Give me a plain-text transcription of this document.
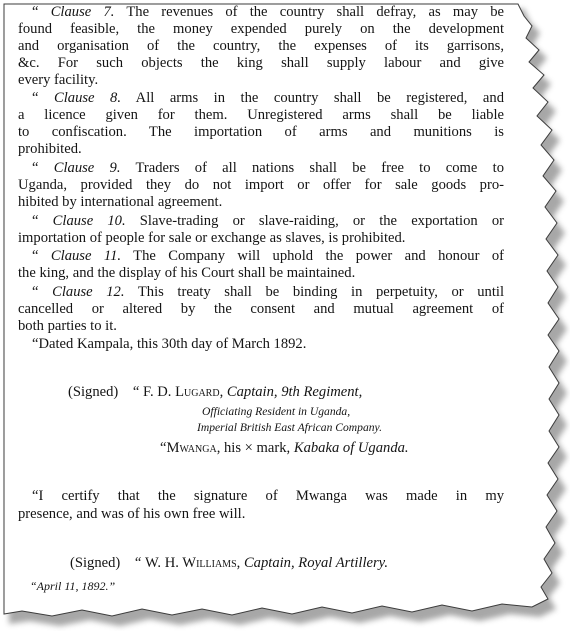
“ Clause 7. The revenues of the country shall defray, as may be

found feasible, the money expended purely on the development

and organisation of the country, the expenses of its garrisons,

&c. For such objects the king shall supply labour and give

every facility.

“ Clause 8. All arms in the country shall be registered, and

a licence given for them. Unregistered arms shall be liable

to confiscation. The importation of arms and munitions is

prohibited.

“ Clause 9. Traders of all nations shall be free to come to

Uganda, provided they do not import or offer for sale goods pro-

hibited by international agreement.

“ Clause 10. Slave-trading or slave-raiding, or the exportation or

importation of people for sale or exchange as slaves, is prohibited.

“ Clause 11. The Company will uphold the power and honour of

the king, and the display of his Court shall be maintained.

“ Clause 12. This treaty shall be binding in perpetuity, or until

cancelled or altered by the consent and mutual agreement of

both parties to it.

“Dated Kampala, this 30th day of March 1892.

(Signed) “ F. D. Lugard, Captain, 9th Regiment,

Officiating Resident in Uganda,

Imperial British East African Company.

“Mwanga, his × mark, Kabaka of Uganda.

“I certify that the signature of Mwanga was made in my

presence, and was of his own free will.

(Signed) “ W. H. Williams, Captain, Royal Artillery.

“April 11, 1892.”
